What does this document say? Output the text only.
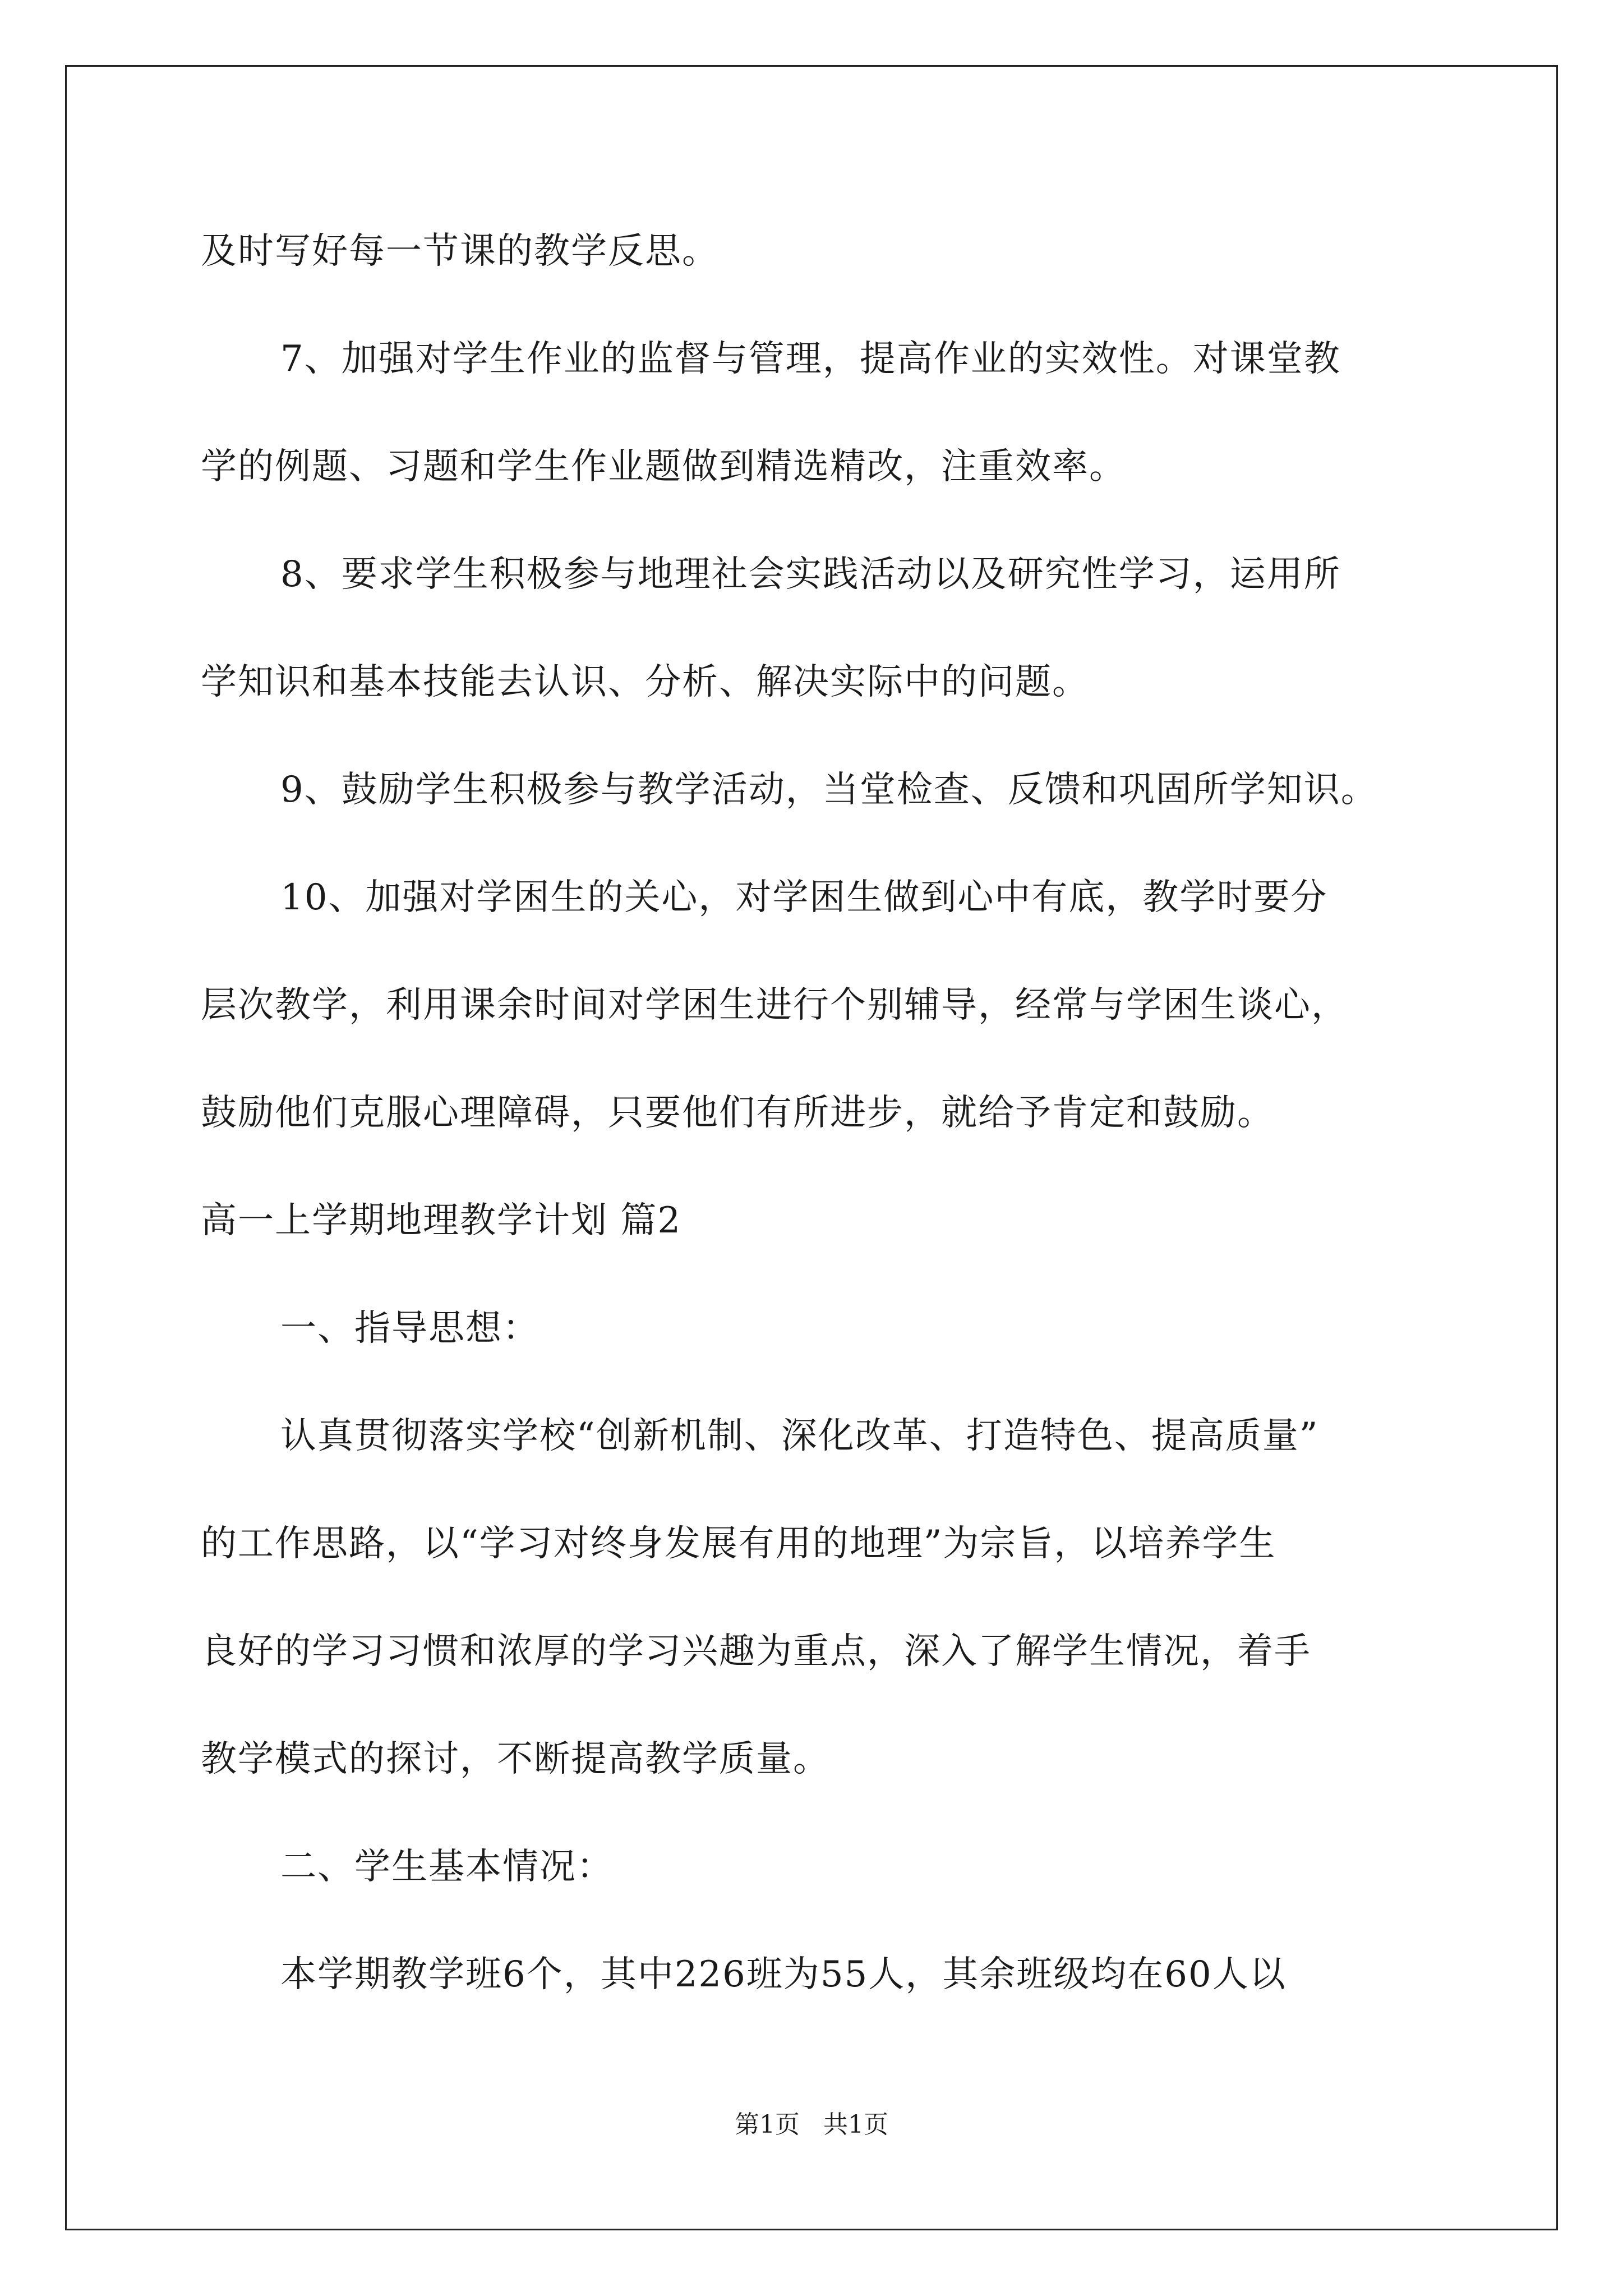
及时写好每一节课的教学反思。
7、加强对学生作业的监督与管理，提高作业的实效性。对课堂教
学的例题、习题和学生作业题做到精选精改，注重效率。
8、要求学生积极参与地理社会实践活动以及研究性学习，运用所
学知识和基本技能去认识、分析、解决实际中的问题。
9、鼓励学生积极参与教学活动，当堂检查、反馈和巩固所学知识。
10、加强对学困生的关心，对学困生做到心中有底，教学时要分
层次教学，利用课余时间对学困生进行个别辅导，经常与学困生谈心，
鼓励他们克服心理障碍，只要他们有所进步，就给予肯定和鼓励。
高一上学期地理教学计划 篇2
一、指导思想：
认真贯彻落实学校“创新机制、深化改革、打造特色、提高质量”
的工作思路，以“学习对终身发展有用的地理”为宗旨，以培养学生
良好的学习习惯和浓厚的学习兴趣为重点，深入了解学生情况，着手
教学模式的探讨，不断提高教学质量。
二、学生基本情况：
本学期教学班6个，其中226班为55人，其余班级均在60人以
第1页 共1页
